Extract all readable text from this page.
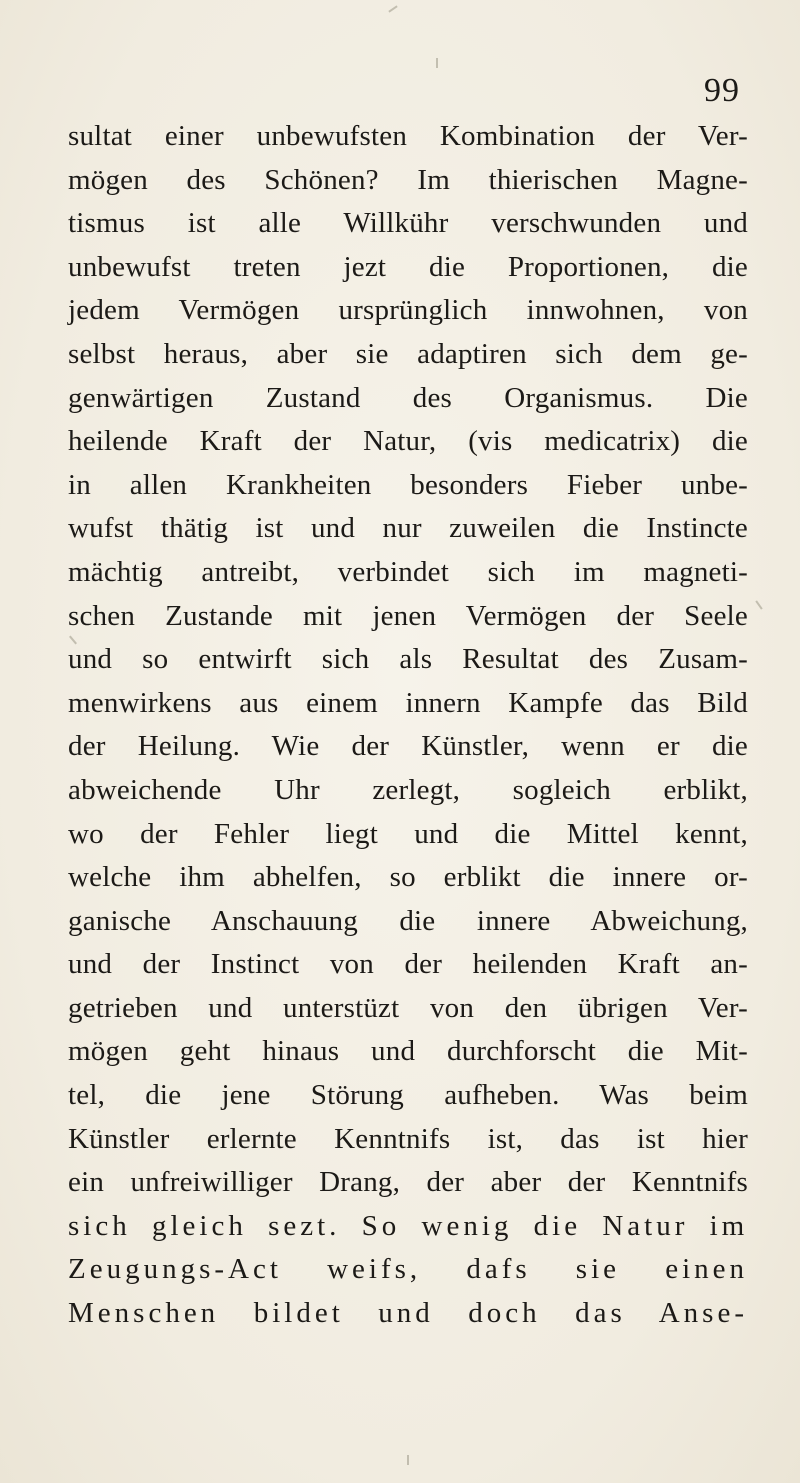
99
sultat einer unbewufsten Kombination der Ver-
mögen des Schönen? Im thierischen Magne-
tismus ist alle Willkühr verschwunden und
unbewufst treten jezt die Proportionen, die
jedem Vermögen ursprünglich innwohnen, von
selbst heraus, aber sie adaptiren sich dem ge-
genwärtigen Zustand des Organismus. Die
heilende Kraft der Natur, (vis medicatrix) die
in allen Krankheiten besonders Fieber unbe-
wufst thätig ist und nur zuweilen die Instincte
mächtig antreibt, verbindet sich im magneti-
schen Zustande mit jenen Vermögen der Seele
und so entwirft sich als Resultat des Zusam-
menwirkens aus einem innern Kampfe das Bild
der Heilung. Wie der Künstler, wenn er die
abweichende Uhr zerlegt, sogleich erblikt,
wo der Fehler liegt und die Mittel kennt,
welche ihm abhelfen, so erblikt die innere or-
ganische Anschauung die innere Abweichung,
und der Instinct von der heilenden Kraft an-
getrieben und unterstüzt von den übrigen Ver-
mögen geht hinaus und durchforscht die Mit-
tel, die jene Störung aufheben. Was beim
Künstler erlernte Kenntnifs ist, das ist hier
ein unfreiwilliger Drang, der aber der Kenntnifs
sich gleich sezt. So wenig die Natur im
Zeugungs-Act weifs, dafs sie einen
Menschen bildet und doch das Anse-
